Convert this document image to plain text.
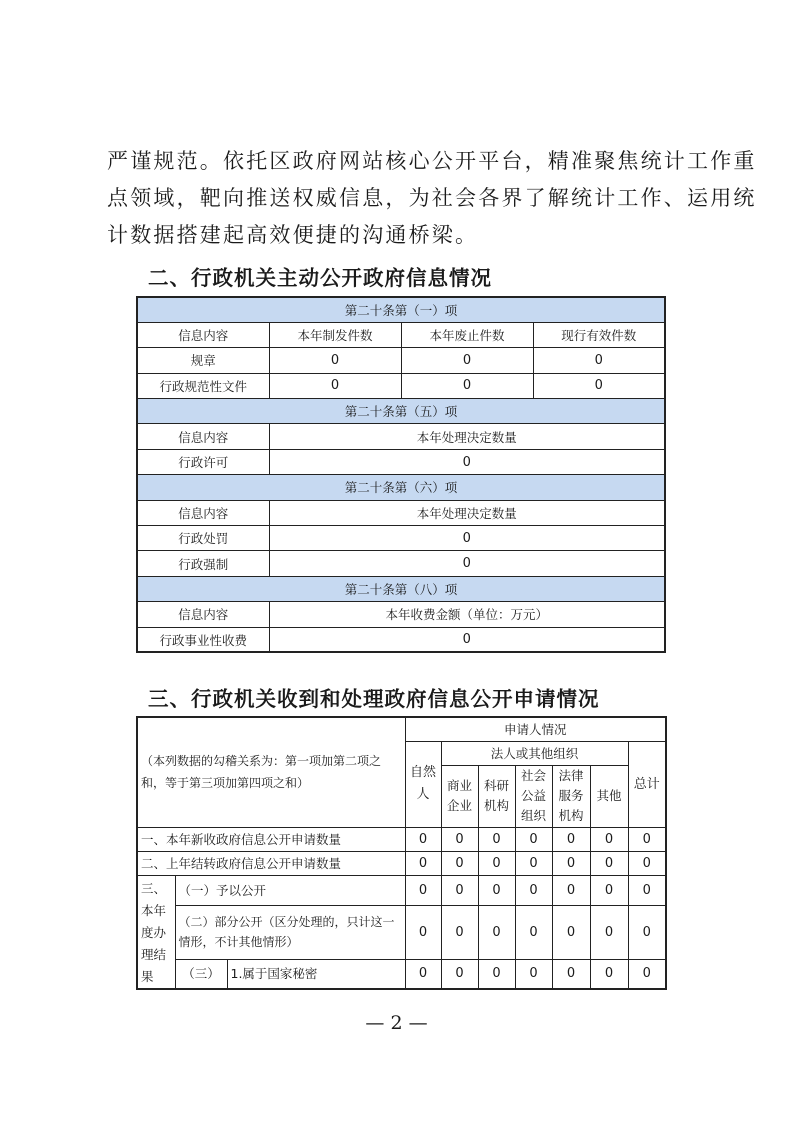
严谨规范。依托区政府网站核心公开平台，精准聚焦统计工作重

点领域，靶向推送权威信息，为社会各界了解统计工作、运用统

计数据搭建起高效便捷的沟通桥梁。

二、行政机关主动公开政府信息情况
第二十条第（一）项			
信息内容	本年制发件数	本年废止件数	现行有效件数
规章	0	0	0
行政规范性文件	0	0	0
第二十条第（五）项			
信息内容	本年处理决定数量		
行政许可	0		
第二十条第（六）项			
信息内容	本年处理决定数量		
行政处罚	0		
行政强制	0		
第二十条第（八）项			
信息内容	本年收费金额（单位：万元）		
行政事业性收费	0		
三、行政机关收到和处理政府信息公开申请情况
（本列数据的勾稽关系为：第一项加第二项之和，等于第三项加第四项之和）			申请人情况						
			自然人	法人或其他组织					总计
				商业企业	科研机构	社会公益组织	法律服务机构	其他	
一、本年新收政府信息公开申请数量			0	0	0	0	0	0	0
二、上年结转政府信息公开申请数量			0	0	0	0	0	0	0
三、本年度办理结果	（一）予以公开		0	0	0	0	0	0	0
	（二）部分公开（区分处理的，只计这一情形，不计其他情形）		0	0	0	0	0	0	0
	（三）	1.属于国家秘密	0	0	0	0	0	0	0
— 2 —
